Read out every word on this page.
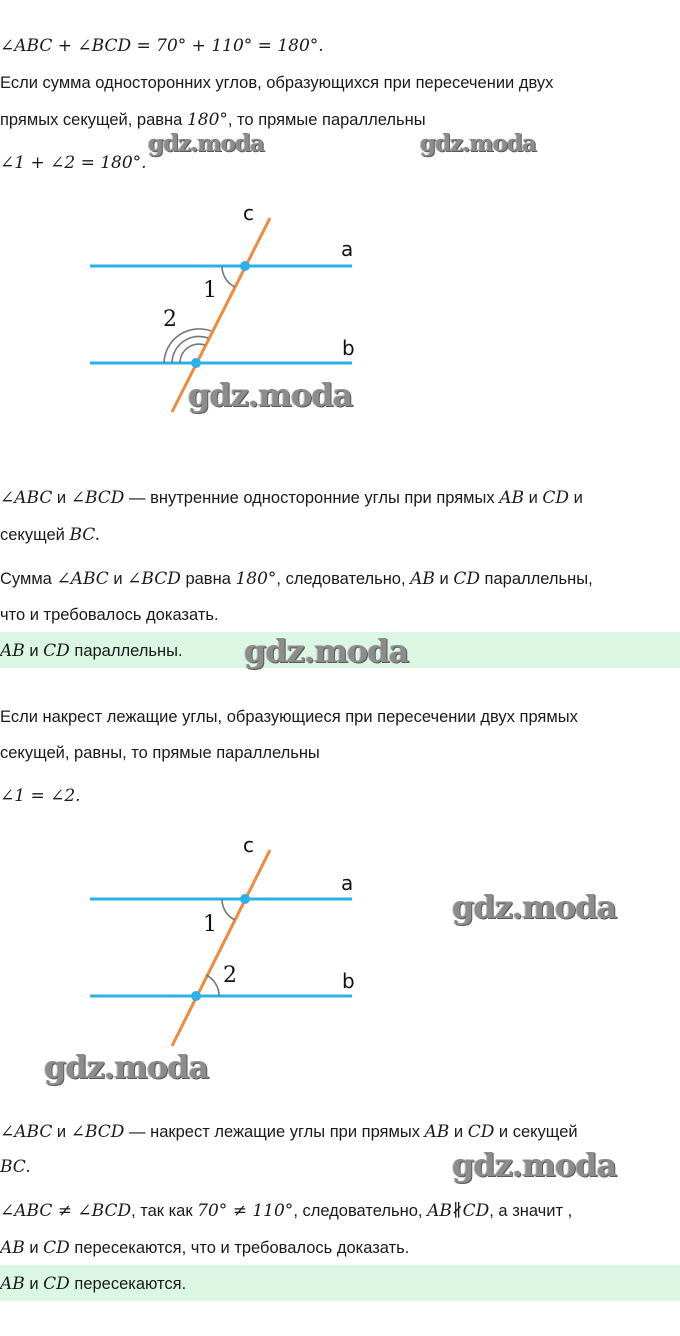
∠ABC + ∠BCD = 70° + 110° = 180°.
Если сумма односторонних углов, образующихся при пересечении двух
прямых секущей, равна 180°, то прямые параллельны
∠1 + ∠2 = 180°.
gdz.moda	gdz.moda
c
a
b
1
2
gdz.moda
∠ABC и ∠BCD — внутренние односторонние углы при прямых AB и CD и
секущей BC.
Сумма ∠ABC и ∠BCD равна 180°, следовательно, AB и CD параллельны,
что и требовалось доказать.
AB и CD параллельны. gdz.moda
Если накрест лежащие углы, образующиеся при пересечении двух прямых
секущей, равны, то прямые параллельны
∠1 = ∠2.
c
a
b
1
2
gdz.moda
gdz.moda
∠ABC и ∠BCD — накрест лежащие углы при прямых AB и CD и секущей
BC.	gdz.moda
∠ABC ≠ ∠BCD, так как 70° ≠ 110°, следовательно, AB∦CD, а значит ,
AB и CD пересекаются, что и требовалось доказать.
AB и CD пересекаются.
